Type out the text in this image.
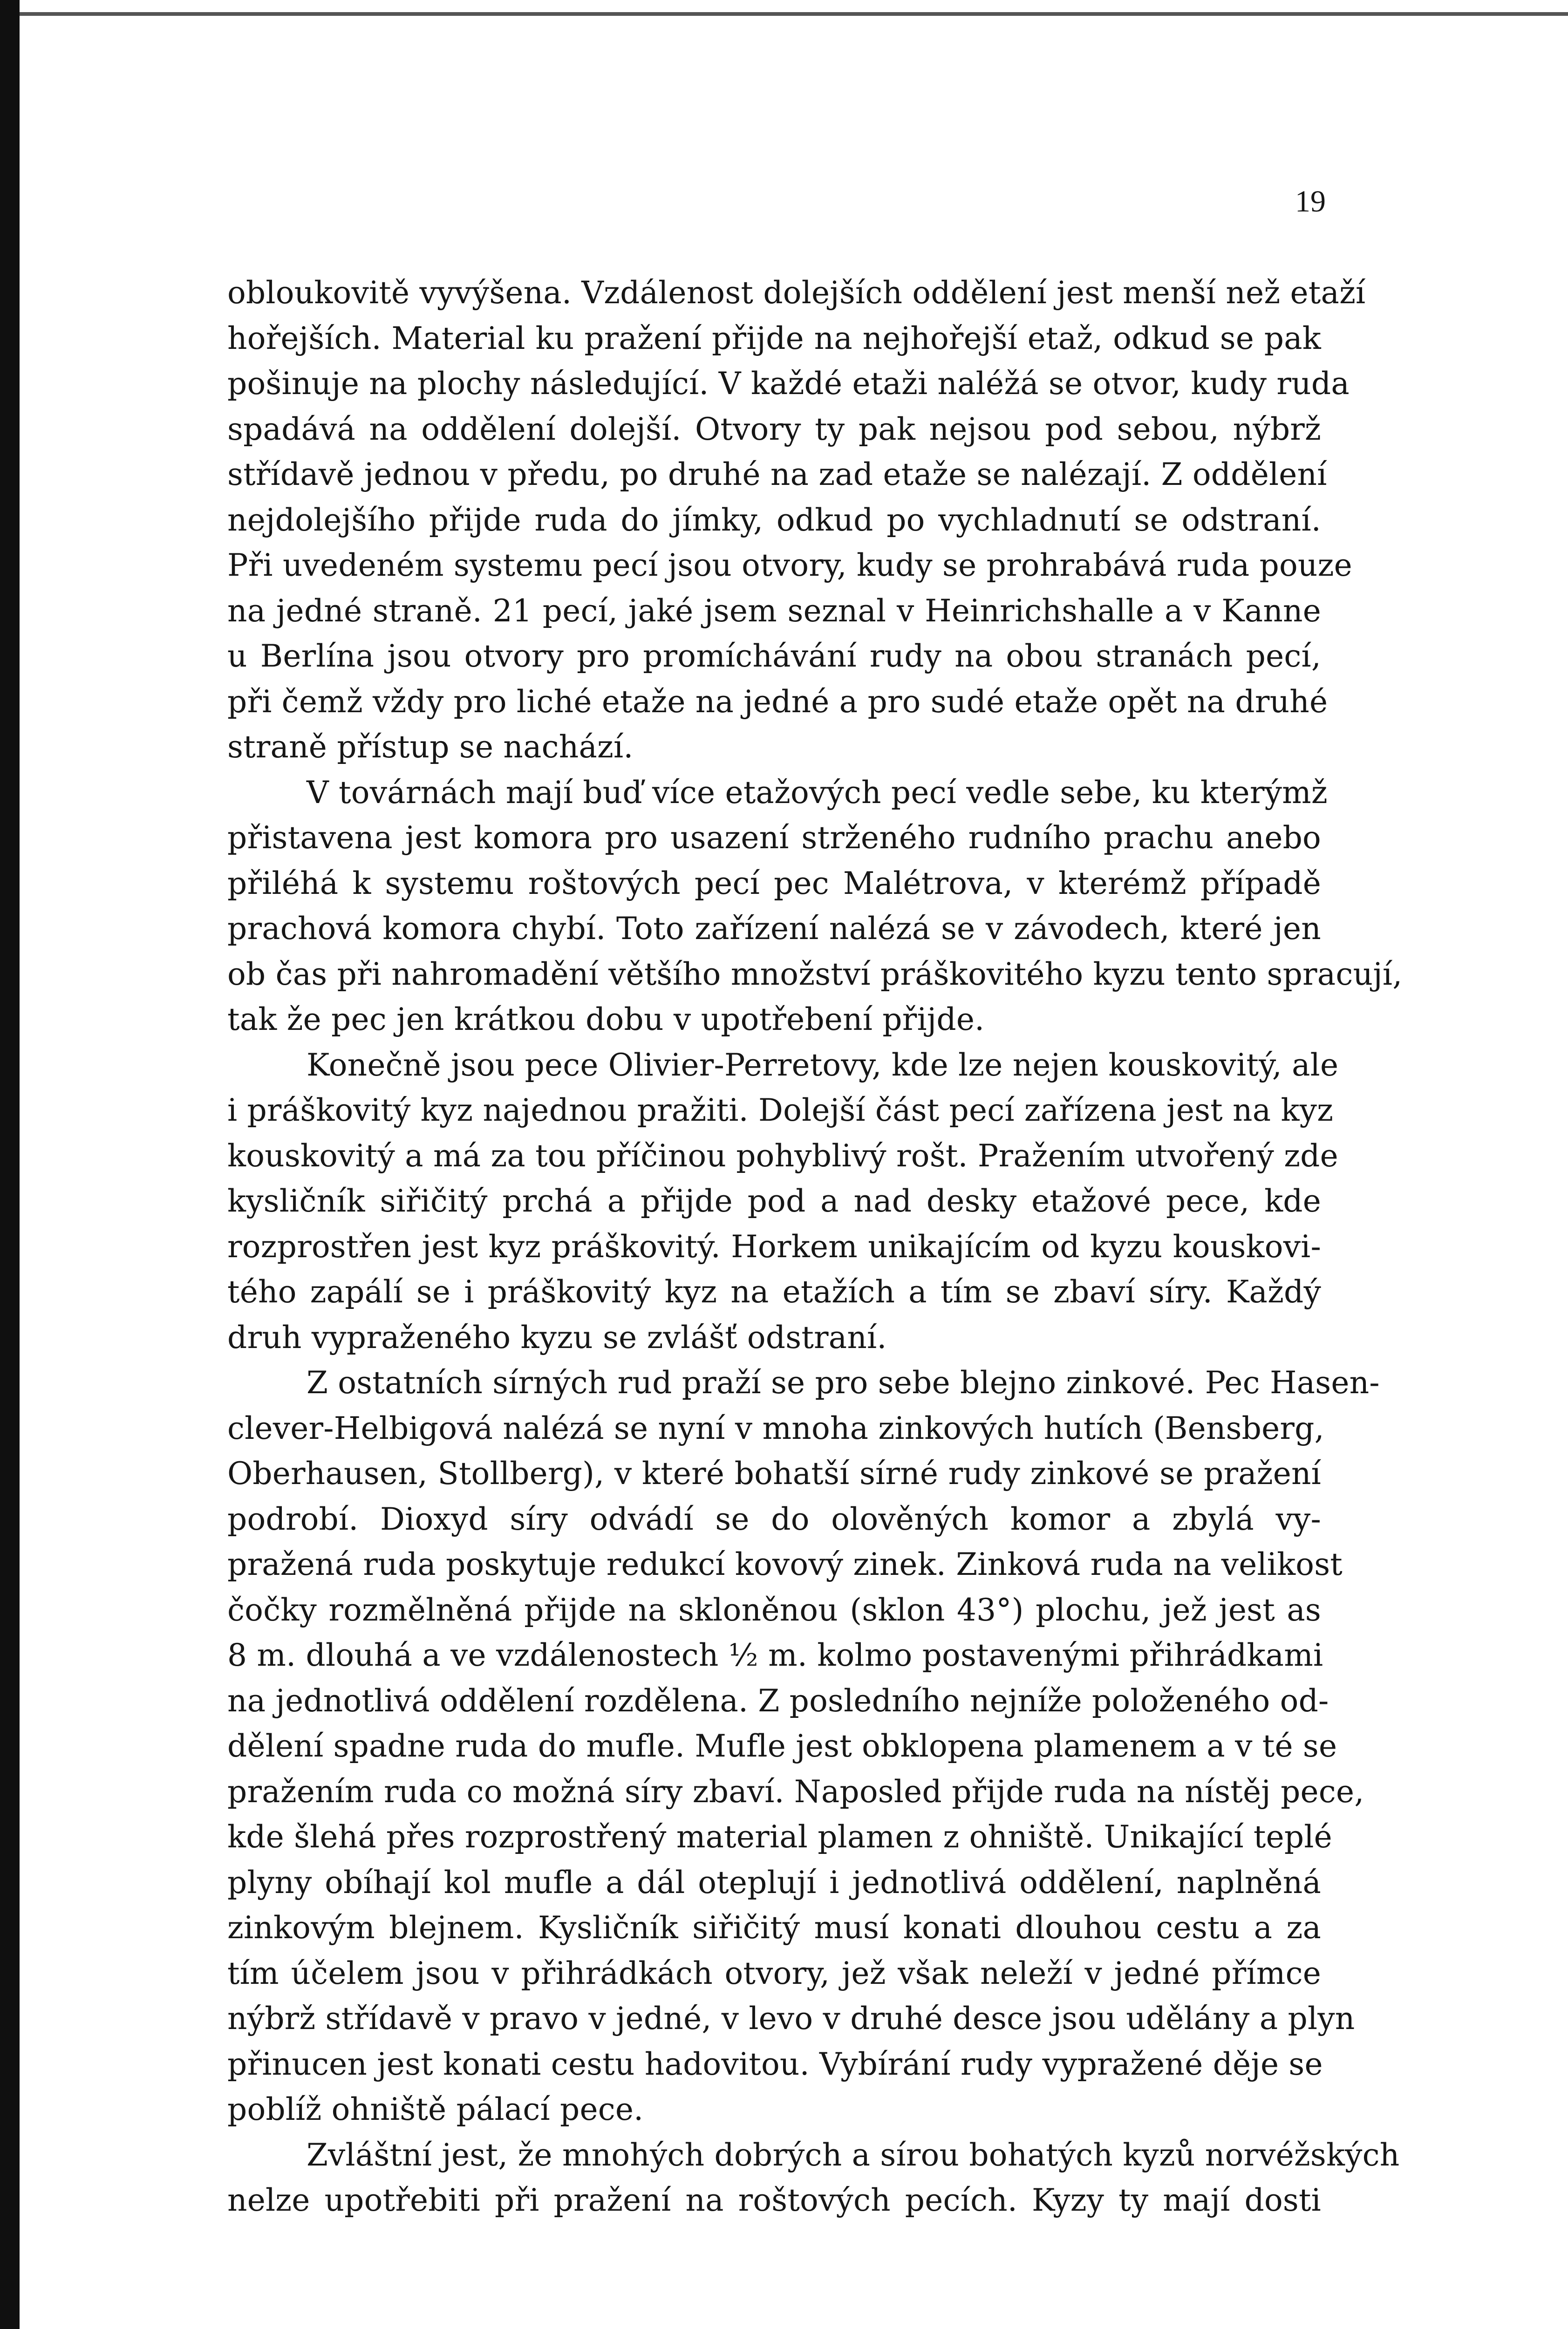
19
obloukovitě vyvýšena. Vzdálenost dolejších oddělení jest menší než etaží
hořejších. Material ku pražení přijde na nejhořejší etaž, odkud se pak
pošinuje na plochy následující. V každé etaži naléžá se otvor, kudy ruda
spadává na oddělení dolejší. Otvory ty pak nejsou pod sebou, nýbrž
střídavě jednou v předu, po druhé na zad etaže se nalézají. Z oddělení
nejdolejšího přijde ruda do jímky, odkud po vychladnutí se odstraní.
Při uvedeném systemu pecí jsou otvory, kudy se prohrabává ruda pouze
na jedné straně. 21 pecí, jaké jsem seznal v Heinrichshalle a v Kanne
u Berlína jsou otvory pro promíchávání rudy na obou stranách pecí,
při čemž vždy pro liché etaže na jedné a pro sudé etaže opět na druhé
straně přístup se nachází.
V továrnách mají buď více etažových pecí vedle sebe, ku kterýmž
přistavena jest komora pro usazení strženého rudního prachu anebo
přiléhá k systemu roštových pecí pec Malétrova, v kterémž případě
prachová komora chybí. Toto zařízení nalézá se v závodech, které jen
ob čas při nahromadění většího množství práškovitého kyzu tento spracují,
tak že pec jen krátkou dobu v upotřebení přijde.
Konečně jsou pece Olivier-Perretovy, kde lze nejen kouskovitý, ale
i práškovitý kyz najednou pražiti. Dolejší část pecí zařízena jest na kyz
kouskovitý a má za tou příčinou pohyblivý rošt. Pražením utvořený zde
kysličník siřičitý prchá a přijde pod a nad desky etažové pece, kde
rozprostřen jest kyz práškovitý. Horkem unikajícím od kyzu kouskovi-
tého zapálí se i práškovitý kyz na etažích a tím se zbaví síry. Každý
druh vypraženého kyzu se zvlášť odstraní.
Z ostatních sírných rud praží se pro sebe blejno zinkové. Pec Hasen-
clever-Helbigová nalézá se nyní v mnoha zinkových hutích (Bensberg,
Oberhausen, Stollberg), v které bohatší sírné rudy zinkové se pražení
podrobí. Dioxyd síry odvádí se do olověných komor a zbylá vy-
pražená ruda poskytuje redukcí kovový zinek. Zinková ruda na velikost
čočky rozmělněná přijde na skloněnou (sklon 43°) plochu, jež jest as
8 m. dlouhá a ve vzdálenostech ½ m. kolmo postavenými přihrádkami
na jednotlivá oddělení rozdělena. Z posledního nejníže položeného od-
dělení spadne ruda do mufle. Mufle jest obklopena plamenem a v té se
pražením ruda co možná síry zbaví. Naposled přijde ruda na nístěj pece,
kde šlehá přes rozprostřený material plamen z ohniště. Unikající teplé
plyny obíhají kol mufle a dál oteplují i jednotlivá oddělení, naplněná
zinkovým blejnem. Kysličník siřičitý musí konati dlouhou cestu a za
tím účelem jsou v přihrádkách otvory, jež však neleží v jedné přímce
nýbrž střídavě v pravo v jedné, v levo v druhé desce jsou udělány a plyn
přinucen jest konati cestu hadovitou. Vybírání rudy vypražené děje se
poblíž ohniště pálací pece.
Zvláštní jest, že mnohých dobrých a sírou bohatých kyzů norvéžských
nelze upotřebiti při pražení na roštových pecích. Kyzy ty mají dosti
